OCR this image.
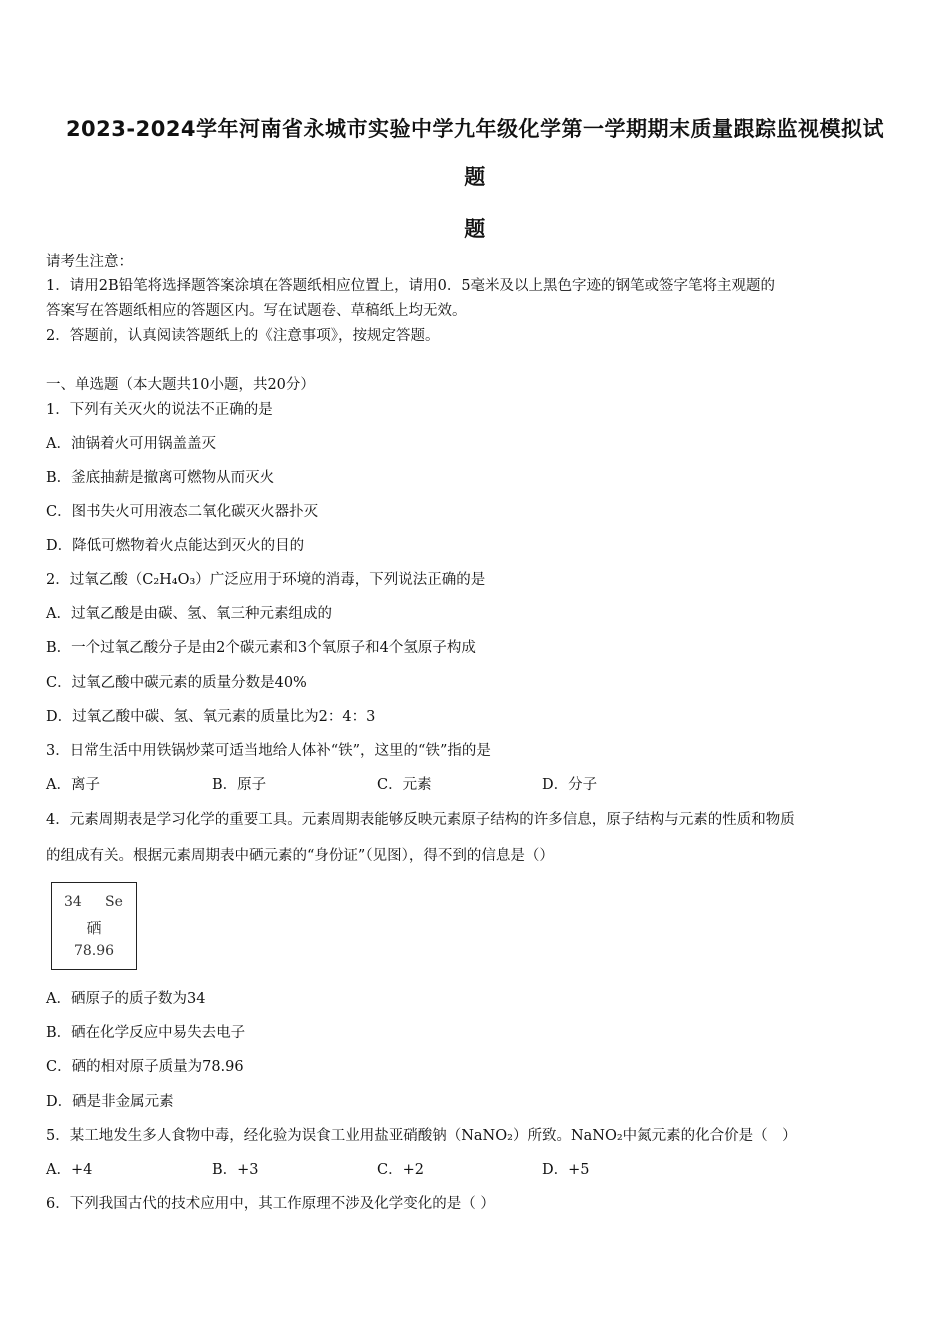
2023-2024学年河南省永城市实验中学九年级化学第一学期期末质量跟踪监视模拟试
题
题
请考生注意：
1．请用2B铅笔将选择题答案涂填在答题纸相应位置上，请用0．5毫米及以上黑色字迹的钢笔或签字笔将主观题的
答案写在答题纸相应的答题区内。写在试题卷、草稿纸上均无效。
2．答题前，认真阅读答题纸上的《注意事项》，按规定答题。
一、单选题（本大题共10小题，共20分）
1．下列有关灭火的说法不正确的是
A．油锅着火可用锅盖盖灭
B．釜底抽薪是撤离可燃物从而灭火
C．图书失火可用液态二氧化碳灭火器扑灭
D．降低可燃物着火点能达到灭火的目的
2．过氧乙酸（C₂H₄O₃）广泛应用于环境的消毒，下列说法正确的是
A．过氧乙酸是由碳、氢、氧三种元素组成的
B．一个过氧乙酸分子是由2个碳元素和3个氧原子和4个氢原子构成
C．过氧乙酸中碳元素的质量分数是40%
D．过氧乙酸中碳、氢、氧元素的质量比为2：4：3
3．日常生活中用铁锅炒菜可适当地给人体补“铁”，这里的“铁”指的是
A．离子	B．原子	C．元素	D．分子
4．元素周期表是学习化学的重要工具。元素周期表能够反映元素原子结构的许多信息，原子结构与元素的性质和物质
的组成有关。根据元素周期表中硒元素的“身份证”（见图），得不到的信息是（）
34 Se
硒
78.96
A．硒原子的质子数为34
B．硒在化学反应中易失去电子
C．硒的相对原子质量为78.96
D．硒是非金属元素
5．某工地发生多人食物中毒，经化验为误食工业用盐亚硝酸钠（NaNO₂）所致。NaNO₂中氮元素的化合价是（　）
A．+4	B．+3	C．+2	D．+5
6．下列我国古代的技术应用中，其工作原理不涉及化学变化的是（ ）
